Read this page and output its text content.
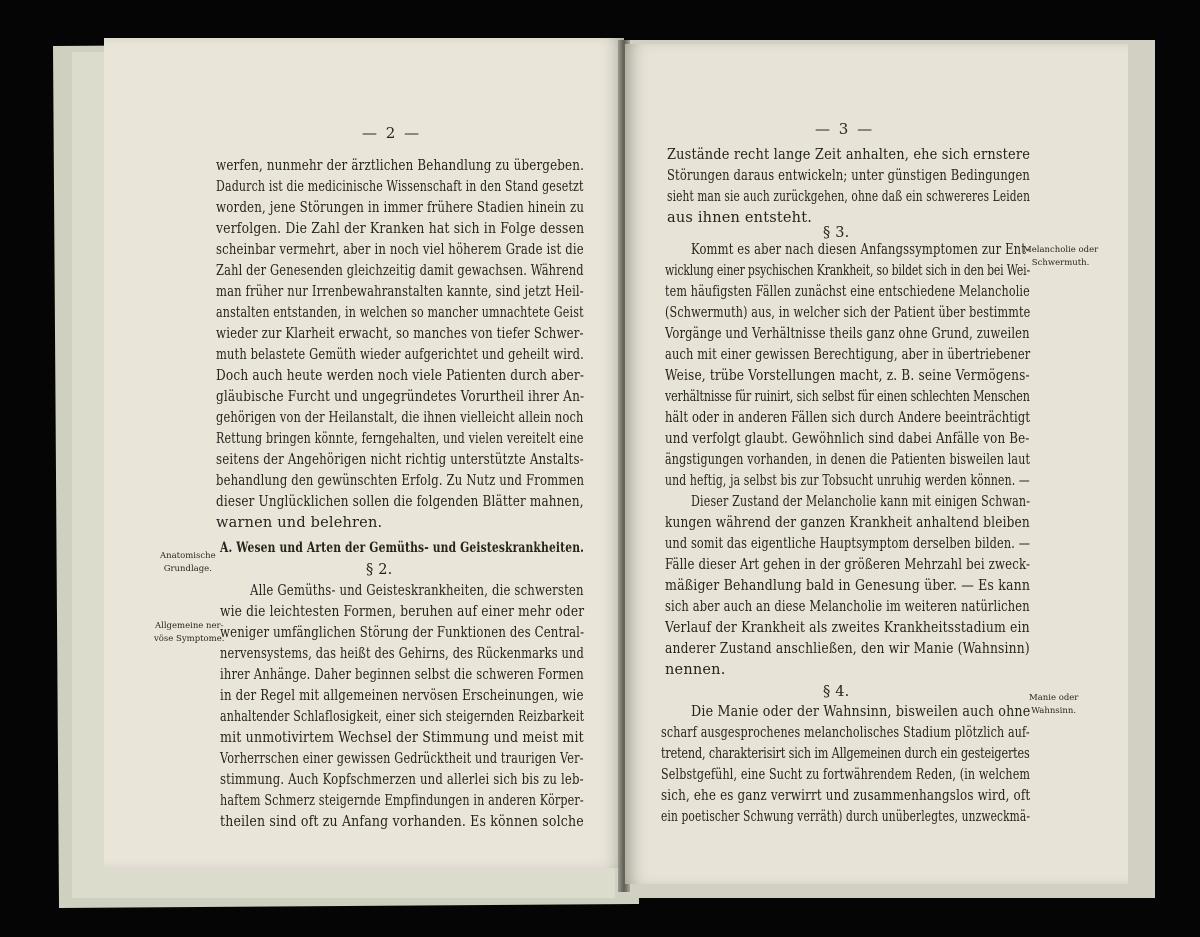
— 2 —
werfen, nunmehr der ärztlichen Behandlung zu übergeben.
Dadurch ist die medicinische Wissenschaft in den Stand gesetzt
worden, jene Störungen in immer frühere Stadien hinein zu
verfolgen. Die Zahl der Kranken hat sich in Folge dessen
scheinbar vermehrt, aber in noch viel höherem Grade ist die
Zahl der Genesenden gleichzeitig damit gewachsen. Während
man früher nur Irrenbewahranstalten kannte, sind jetzt Heil-
anstalten entstanden, in welchen so mancher umnachtete Geist
wieder zur Klarheit erwacht, so manches von tiefer Schwer-
muth belastete Gemüth wieder aufgerichtet und geheilt wird.
Doch auch heute werden noch viele Patienten durch aber-
gläubische Furcht und ungegründetes Vorurtheil ihrer An-
gehörigen von der Heilanstalt, die ihnen vielleicht allein noch
Rettung bringen könnte, ferngehalten, und vielen vereitelt eine
seitens der Angehörigen nicht richtig unterstützte Anstalts-
behandlung den gewünschten Erfolg. Zu Nutz und Frommen
dieser Unglücklichen sollen die folgenden Blätter mahnen,
warnen und belehren.
A. Wesen und Arten der Gemüths- und Geisteskrankheiten.
§ 2.
Alle Gemüths- und Geisteskrankheiten, die schwersten
wie die leichtesten Formen, beruhen auf einer mehr oder
weniger umfänglichen Störung der Funktionen des Central-
nervensystems, das heißt des Gehirns, des Rückenmarks und
ihrer Anhänge. Daher beginnen selbst die schweren Formen
in der Regel mit allgemeinen nervösen Erscheinungen, wie
anhaltender Schlaflosigkeit, einer sich steigernden Reizbarkeit
mit unmotivirtem Wechsel der Stimmung und meist mit
Vorherrschen einer gewissen Gedrücktheit und traurigen Ver-
stimmung. Auch Kopfschmerzen und allerlei sich bis zu leb-
haftem Schmerz steigernde Empfindungen in anderen Körper-
theilen sind oft zu Anfang vorhanden. Es können solche
Anatomische
Grundlage.
Allgemeine ner-
vöse Symptome.
— 3 —
Zustände recht lange Zeit anhalten, ehe sich ernstere
Störungen daraus entwickeln; unter günstigen Bedingungen
sieht man sie auch zurückgehen, ohne daß ein schwereres Leiden
aus ihnen entsteht.
§ 3.
Kommt es aber nach diesen Anfangssymptomen zur Ent-
wicklung einer psychischen Krankheit, so bildet sich in den bei Wei-
tem häufigsten Fällen zunächst eine entschiedene Melancholie
(Schwermuth) aus, in welcher sich der Patient über bestimmte
Vorgänge und Verhältnisse theils ganz ohne Grund, zuweilen
auch mit einer gewissen Berechtigung, aber in übertriebener
Weise, trübe Vorstellungen macht, z. B. seine Vermögens-
verhältnisse für ruinirt, sich selbst für einen schlechten Menschen
hält oder in anderen Fällen sich durch Andere beeinträchtigt
und verfolgt glaubt. Gewöhnlich sind dabei Anfälle von Be-
ängstigungen vorhanden, in denen die Patienten bisweilen laut
und heftig, ja selbst bis zur Tobsucht unruhig werden können. —
Dieser Zustand der Melancholie kann mit einigen Schwan-
kungen während der ganzen Krankheit anhaltend bleiben
und somit das eigentliche Hauptsymptom derselben bilden. —
Fälle dieser Art gehen in der größeren Mehrzahl bei zweck-
mäßiger Behandlung bald in Genesung über. — Es kann
sich aber auch an diese Melancholie im weiteren natürlichen
Verlauf der Krankheit als zweites Krankheitsstadium ein
anderer Zustand anschließen, den wir Manie (Wahnsinn)
nennen.
§ 4.
Die Manie oder der Wahnsinn, bisweilen auch ohne
scharf ausgesprochenes melancholisches Stadium plötzlich auf-
tretend, charakterisirt sich im Allgemeinen durch ein gesteigertes
Selbstgefühl, eine Sucht zu fortwährendem Reden, (in welchem
sich, ehe es ganz verwirrt und zusammenhangslos wird, oft
ein poetischer Schwung verräth) durch unüberlegtes, unzweckmä-
Melancholie oder
Schwermuth.
Manie oder
Wahnsinn.
